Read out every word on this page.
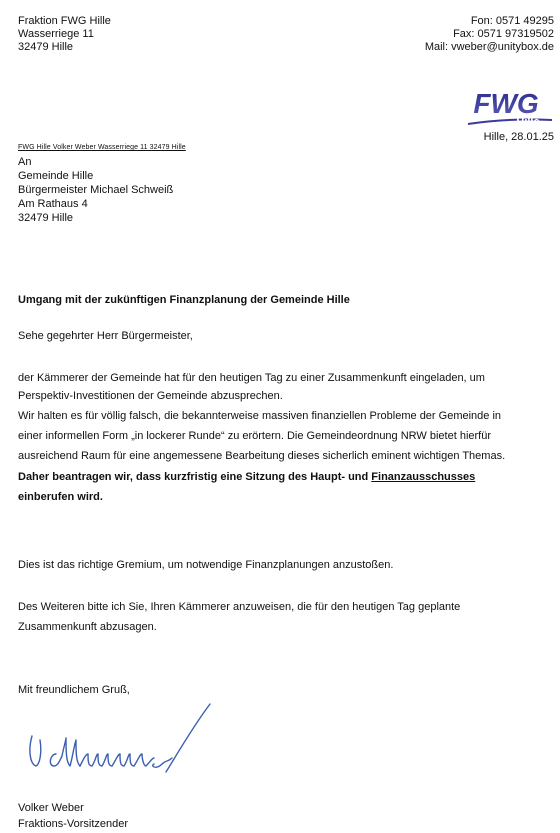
Fraktion FWG Hille
Wasserriege 11
32479 Hille
Fon: 0571 49295
Fax: 0571 97319502
Mail: vweber@unitybox.de
FWG
Hille
Hille, 28.01.25
FWG Hille Volker Weber Wasserriege 11 32479 Hille
An
Gemeinde Hille
Bürgermeister Michael Schweiß
Am Rathaus 4
32479 Hille
Umgang mit der zukünftigen Finanzplanung der Gemeinde Hille
Sehe gegehrter Herr Bürgermeister,
der Kämmerer der Gemeinde hat für den heutigen Tag zu einer Zusammenkunft eingeladen, um
Perspektiv-Investitionen der Gemeinde abzusprechen.
Wir halten es für völlig falsch, die bekannterweise massiven finanziellen Probleme der Gemeinde in
einer informellen Form „in lockerer Runde“ zu erörtern. Die Gemeindeordnung NRW bietet hierfür
ausreichend Raum für eine angemessene Bearbeitung dieses sicherlich eminent wichtigen Themas.
Daher beantragen wir, dass kurzfristig eine Sitzung des Haupt- und Finanzausschusses
einberufen wird.
Dies ist das richtige Gremium, um notwendige Finanzplanungen anzustoßen.
Des Weiteren bitte ich Sie, Ihren Kämmerer anzuweisen, die für den heutigen Tag geplante
Zusammenkunft abzusagen.
Mit freundlichem Gruß,
Volker Weber
Fraktions-Vorsitzender
